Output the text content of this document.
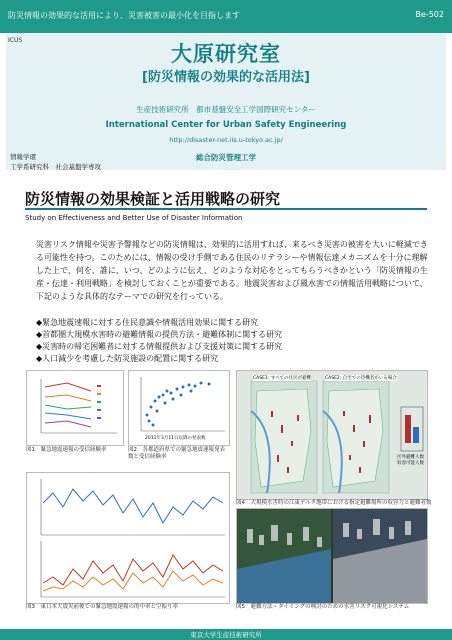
防災情報の効果的な活用により、災害被害の最小化を目指します	Be-502
ICUS
大原研究室
[防災情報の効果的な活用法]
生産技術研究所　都市基盤安全工学国際研究センター
International Center for Urban Safety Engineering
http://disaster-net.iis.u-tokyo.ac.jp/
情報学環
工学系研究科　社会基盤学専攻
総合防災管理工学
防災情報の効果検証と活用戦略の研究
Study on Effectiveness and Better Use of Disaster Information
災害リスク情報や災害予警報などの防災情報は、効果的に活用すれば、来るべき災害の被害を大いに軽減できる可能性を持つ。このためには、情報の受け手側である住民のリテラシーや情報伝達メカニズムを十分に理解した上で、何を、誰に、いつ、どのように伝え、どのような対応をとってもらうべきかという「防災情報の生産・伝達・利用戦略」を検討しておくことが重要である。地震災害および風水害での情報活用戦略について、下記のような具体的なテーマでの研究を行っている。
◆緊急地震速報に対する住民意識や情報活用効果に関する研究
◆首都圏大規模水害時の避難情報の提供方法・避難体制に関する研究
◆災害時の帰宅困難者に対する情報提供および支援対策に関する研究
◆人口減少を考慮した防災施設の配置に関する研究
図1　緊急地震速報の受信経験率
2011年3月11日以降の発表数
図2　各都道府県での緊急地震速報発表数と受信経験率
図3　東日本大震災前後での緊急地震速報の的中率と空振り率
CASE1: すべての住民が避難	CASE2: 自宅での待機者がいる場合
区外避難人数　収容可能人数
図4　大規模水害時の江東デルタ地帯における指定避難場所の収容力と避難者数
図5　避難方法・タイミングの検討のための水害リスク可視化システム
東京大学生産技術研究所
